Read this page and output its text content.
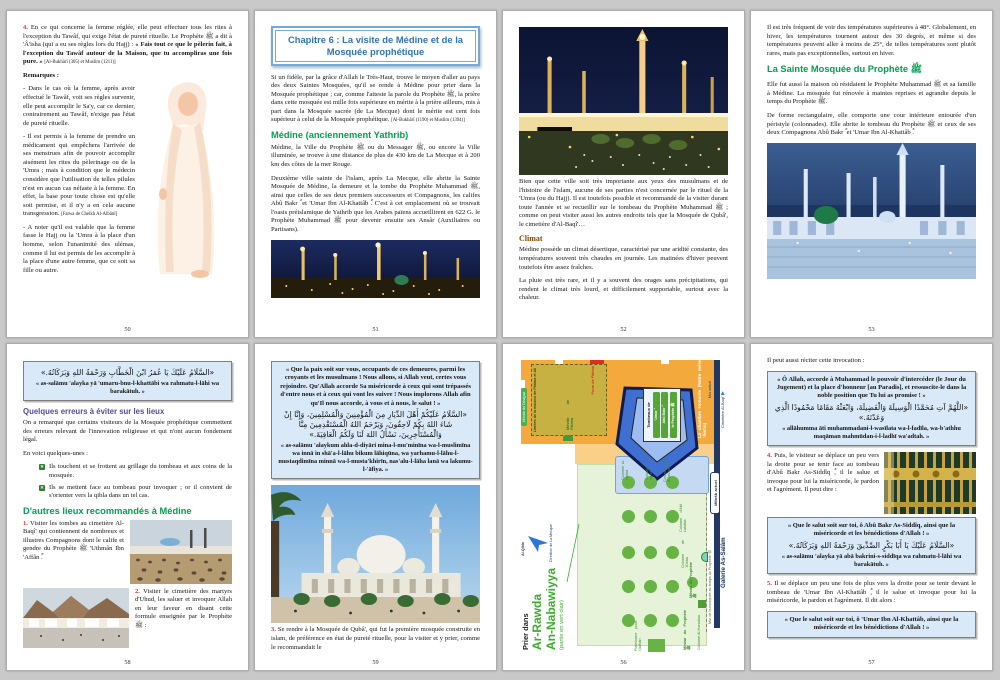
4. En ce qui concerne la femme réglée, elle peut effectuer tous les rites à l'exception du Tawâf, qui exige l'état de pureté rituelle. Le Prophète ﷺ a dit à 'Â'isha (qui a eu ses règles lors du Hajj) : « Fais tout ce que le pèlerin fait, à l'exception du Tawâf autour de la Maison, que tu accompliras une fois pure. » [Al-Bukhârî (305) et Muslim (1211)]

Remarques :

- Dans le cas où la femme, après avoir effectué le Tawâf, voit ses règles survenir, elle peut accomplir le Sa'y, car ce dernier, contrairement au Tawâf, n'exige pas l'état de pureté rituelle.

- Il est permis à la femme de prendre un médicament qui empêchera l'arrivée de ses menstrues afin de pouvoir accomplir aisément les rites du pèlerinage ou de la 'Umra ; mais à condition que le médecin considère que l'utilisation de telles pilules n'est en aucun cas néfaste à la femme. En effet, la base pour toute chose est qu'elle soit permise, et il n'y a en cela aucune transgression. [Fatwa de Cheikh Al-Albânî]

- A noter qu'il est valable que la femme fasse le Hajj ou la 'Umra à la place d'un homme, selon l'unanimité des ulémas, comme il lui est permis de les accomplir à la place d'une autre femme, que ce soit sa fille ou autre.

50
Chapitre 6 : La visite de Médine et de la Mosquée prophétique

Si un fidèle, par la grâce d'Allah le Très-Haut, trouve le moyen d'aller au pays des deux Saintes Mosquées, qu'il se rende à Médine pour prier dans la Mosquée prophétique ; car, comme l'atteste la parole du Prophète ﷺ, la prière dans cette mosquée est mille fois supérieure en mérite à la prière ailleurs, mis à part dans la Mosquée sacrée (de La Mecque) dont le mérite est cent fois supérieur à celui de la Mosquée prophétique. [Al-Bukhârî (1190) et Muslim (1394)]

Médine (anciennement Yathrib)

Médine, la Ville du Prophète ﷺ ou du Messager ﷺ, ou encore la Ville illuminée, se trouve à une distance de plus de 430 km de La Mecque et à 200 km des côtes de la mer Rouge.

Deuxième ville sainte de l'islam, après La Mecque, elle abrite la Sainte Mosquée de Médine, la demeure et la tombe du Prophète Muhammad ﷺ, ainsi que celles de ses deux premiers successeurs et Compagnons, les califes Abû Bakr ؓ et 'Umar Ibn Al-Khattâb ؓ. C'est à cet emplacement où se trouvait l'oasis préislamique de Yathrib que les Arabes païens accueillirent en 622 G. le Prophète Muhammad ﷺ pour devenir ensuite ses Ansâr (Auxiliaires ou Partisans).

51

Bien que cette ville soit très importante aux yeux des musulmans et de l'histoire de l'islam, aucune de ses parties n'est concernée par le rituel de la 'Umra (ou du Hajj). Il est toutefois possible et recommandé de la visiter durant toute l'année et se recueillir sur le tombeau du Prophète Muhammad ﷺ ; comme on peut visiter aussi les autres endroits tels que la Mosquée de Qubâ', le cimetière d'Al-Baqî'…

Climat

Médine possède un climat désertique, caractérisé par une aridité constante, des températures souvent très chaudes en journée. Les matinées d'hiver peuvent toutefois être assez fraîches.

La pluie est très rare, et il y a souvent des orages sans précipitations, qui rendent le climat très lourd, et difficilement supportable, surtout avec la chaleur.

52

Il est très fréquent de voir des températures supérieures à 48°. Globalement, en hiver, les températures tournent autour des 30 degrés, et même si des températures peuvent aller à moins de 25°, de telles températures sont plutôt rares, mais pas exceptionnelles, surtout en hiver.

La Sainte Mosquée du Prophète ﷺ

Elle fut aussi la maison où résidaient le Prophète Muhammad ﷺ et sa famille à Médine. La mosquée fut rénovée à maintes reprises et agrandie depuis le temps du Prophète ﷺ.

De forme rectangulaire, elle comporte une cour intérieure entourée d'un péristyle (colonnades). Elle abrite le tombeau du Prophète ﷺ et ceux de ses deux Compagnons Abû Bakr ؓ et 'Umar Ibn Al-Khattâb ؓ.

53
«السَّلَامُ عَلَيْكَ يَا عُمَرُ ابْنَ الْخَطَّابِ وَرَحْمَةُ اللهِ وَبَرَكَاتُهُ.»
« as-salāmu 'alayka yā 'umaru-bnu-l-khattābi wa rahmatu-l-lāhi wa barakātuh. »
Quelques erreurs à éviter sur les lieux

On a remarqué que certains visiteurs de la Mosquée prophétique commettent des erreurs relevant de l'innovation religieuse et qui n'ont aucun fondement légal.

En voici quelques-unes :

✕ Ils touchent et se frottent au grillage du tombeau et aux coins de la mosquée.
✕ Ils se mettent face au tombeau pour invoquer ; or il convient de s'orienter vers la qibla dans un tel cas.
D'autres lieux recommandés à Médine
1. Visiter les tombes au cimetière Al-Baqî' qui contiennent de nombreux et illustres Compagnons dont le calife et gendre du Prophète ﷺ 'Uthmân Ibn 'Affân ؓ.
2. Visiter le cimetière des martyrs d'Uhud, les saluer et invoquer Allah en leur faveur en disant cette formule enseignée par le Prophète ﷺ :
58
« Que la paix soit sur vous, occupants de ces demeures, parmi les croyants et les musulmans ! Nous allons, si Allah veut, certes vous rejoindre. Qu'Allah accorde Sa miséricorde à ceux qui sont trépassés d'entre nous et à ceux qui vont les suivre ! Nous implorons Allah afin qu'Il nous accorde, à vous et à nous, le salut ! »
«السَّلَامُ عَلَيْكُمْ أَهْلَ الدِّيَارِ مِنَ الْمُؤْمِنِينَ وَالْمُسْلِمِينَ، وَإِنَّا إِنْ شَاءَ اللهُ بِكُمْ لَاحِقُونَ، وَيَرْحَمُ اللهُ الْمُسْتَقْدِمِينَ مِنَّا وَالْمُسْتَأْخِرِينَ، نَسْأَلُ اللهَ لَنَا وَلَكُمُ الْعَافِيَةَ.»
« as-salāmu 'alaykum ahla-d-diyāri mina-l-mu'minīna wa-l-muslimīna wa innā in shā'a-l-lāhu bikum lāhiqūna, wa yarhamu-l-lāhu-l-mustaqdimīna minnā wa-l-musta'khirīn, nas'alu-l-lāha lanā wa lakumu-l-'āfiya. »

3. Se rendre à la Mosquée de Qubâ', qui fut la première mosquée construite en islam, de préférence en état de pureté rituelle, pour la visiter et y prier, comme le recommandait le

59
Limites de la maison de Fâtima et Ali	Mihrâb de Fâtima
Mihrâb du Tahajjud
Porte de Fâtima
Tombeaux de 'Umar ؓ	Abû Bakr ؓ	le Prophète ﷺ	La chambre Honorée (Notre mère 'Âisha)
Colonne al-wufûd	Colonne al-haras	Colonne du lit (as-sarîr)
Colonne de 'Â'isha
Colonne d'Abî Lubâba
Minbar du Prophète ﷺ Colonne Al-Hannâna
Mihrâb du Prophète ﷺ
Plateforme pour l'Adhân
Mur de la mosquée au temps du Prophète ﷺ
Mur actuel
Mihrâb actuel
Galerie As-Salâm
Cimetière Al-Baqî' ▶
Al-Qibla	Direction de La Mecque
Prier dans Ar-Rawda An-Nabawiyya (partie en vert clair)
56

Il peut aussi réciter cette invocation :

« Ô Allah, accorde à Muhammad le pouvoir d'intercéder (le Jour du Jugement) et la place d'honneur [au Paradis], et ressuscite-le dans la noble position que Tu lui as promise ! »
«اللَّهُمَّ آتِ مُحَمَّدًا الْوَسِيلَةَ وَالْفَضِيلَةَ، وَابْعَثْهُ مَقَامًا مَحْمُودًا الَّذِي وَعَدْتَهُ.»
« allāhumma āti muhammadani-l-wasīlata wa-l-fadīla, wa-b'athhu maqāman mahmūdan-i-l-ladhī wa'adtah. »

4. Puis, le visiteur se déplace un peu vers la droite pour se tenir face au tombeau d'Abû Bakr As-Siddîq ؓ, il le salue et invoque pour lui la miséricorde, le pardon et l'agrément. Il peut dire :

« Que le salut soit sur toi, ô Abû Bakr As-Siddîq, ainsi que la miséricorde et les bénédictions d'Allah ! »
«السَّلَامُ عَلَيْكَ يَا أَبَا بَكْرٍ الصِّدِّيقَ وَرَحْمَةُ اللهِ وَبَرَكَاتُهُ.»
« as-salāmu 'alayka yā abā bakrini-s-siddīqa wa rahmatu-l-lāhi wa barakātuh. »

5. Il se déplace un peu une fois de plus vers la droite pour se tenir devant le tombeau de 'Umar Ibn Al-Khattâb ؓ, il le salue et invoque pour lui la miséricorde, le pardon et l'agrément. Il dit alors :

« Que le salut soit sur toi, ô 'Umar Ibn Al-Khattâb, ainsi que la miséricorde et les bénédictions d'Allah ! »
57
